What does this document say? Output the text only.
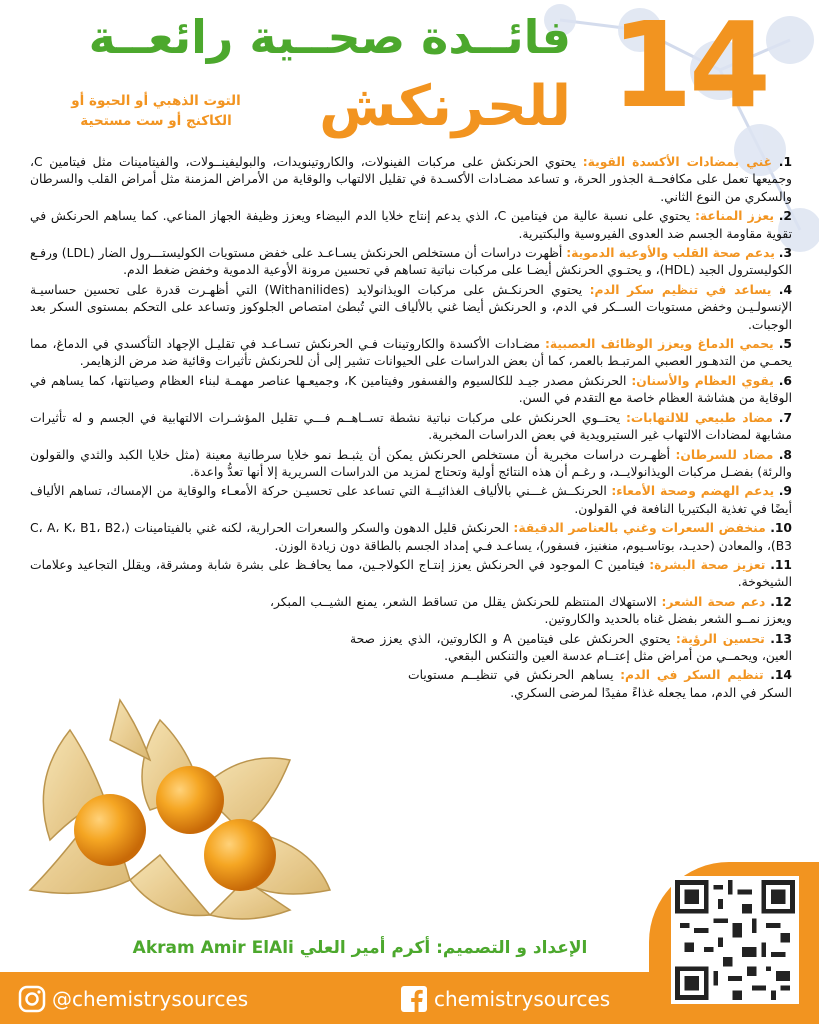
14
فائــدة صحــية رائعــة
للحرنكش
التوت الذهبي أو الحبوة أو الكاكنج أو ست مستحية

1. غني بمضادات الأكسدة القوية: يحتوي الحرنكش على مركبات الفينولات، والكاروتينويدات، والبوليفينــولات، والفيتامينات مثل فيتامين C، وجميعها تعمل على مكافحــة الجذور الحرة، و تساعد مضـادات الأكسـدة في تقليل الالتهاب والوقاية من الأمراض المزمنة مثل أمراض القلب والسرطان والسكري من النوع الثاني.

2. يعزز المناعة: يحتوي على نسبة عالية من فيتامين C، الذي يدعم إنتاج خلايا الدم البيضاء ويعزز وظيفة الجهاز المناعي. كما يساهم الحرنكش في تقوية مقاومة الجسم ضد العدوى الفيروسية والبكتيرية.

3. يدعم صحة القلب والأوعية الدموية: أظهرت دراسات أن مستخلص الحرنكش يسـاعـد على خفض مستويات الكوليستـــرول الضار (LDL) ورفـع الكوليسترول الجيد (HDL)، و يحتـوي الحرنكش أيضـا على مركبات نباتية تساهم في تحسين مرونة الأوعية الدموية وخفض ضغط الدم.

4. يساعد في تنظيم سكر الدم: يحتوي الحرنكـش على مركبات الويذانولايد (Withanilides) التي أظهـرت قدرة على تحسين حساسيـة الإنسولـيـن وخفض مستويات الســكر في الدم، و الحرنكش أيضا غني بالألياف التي تُبطئ امتصاص الجلوكوز وتساعد على التحكم بمستوى السكر بعد الوجبات.

5. يحمي الدماغ ويعزز الوظائف العصبية: مضـادات الأكسدة والكاروتينات فـي الحرنكش تسـاعـد في تقليـل الإجهاد التأكسدي في الدماغ، مما يحمـي من التدهـور العصبي المرتبـط بالعمر، كما أن بعض الدراسات على الحيوانات تشير إلى أن للحرنكش تأثيرات وقائية ضد مرض الزهايمر.

6. يقوي العظام والأسنان: الحرنكش مصدر جيـد للكالسيوم والفسفور وفيتامين K، وجميعـها عناصر مهمـة لبناء العظام وصيانتها، كما يساهم في الوقاية من هشاشة العظام خاصة مع التقدم في السن.

7. مضاد طبيعي للالتهابات: يحتــوي الحرنكش على مركبات نباتية نشطة تســاهــم فـــي تقليل المؤشـرات الالتهابية في الجسم و له تأثيرات مشابهة لمضادات الالتهاب غير الستيرويدية في بعض الدراسات المخبرية.

8. مضاد للسرطان: أظهـرت دراسات مخبرية أن مستخلص الحرنكش يمكن أن يثبـط نمو خلايا سرطانية معينة (مثل خلايا الكبد والثدي والقولون والرئة) بفضـل مركبات الويذانولايــد، و رغـم أن هذه النتائج أولية وتحتاج لمزيد من الدراسات السريرية إلا أنها تعدُّ واعدة.

9. يدعم الهضم وصحة الأمعاء: الحرنكــش غـــني بالألياف الغذائيــة التي تساعد على تحسيـن حركة الأمعـاء والوقاية من الإمساك، تساهم الألياف أيضًا في تغذية البكتيريا النافعة في القولون.

10. منخفض السعرات وغني بالعناصر الدقيقة: الحرنكش قليل الدهون والسكر والسعرات الحرارية، لكنه غني بالفيتامينات (C، A، K، B1، B2، B3)، والمعادن (حديـد، بوتاسـيوم، منغنيز، فسفور)، يساعـد فـي إمداد الجسم بالطاقة دون زيادة الوزن.

11. تعزيز صحة البشرة: فيتامين C الموجود في الحرنكش يعزز إنتـاج الكولاجـين، مما يحافـظ على بشرة شابة ومشرقة، ويقلل التجاعيد وعلامات الشيخوخة.

12. دعم صحة الشعر: الاستهلاك المنتظم للحرنكش يقلل من تساقط الشعر، يمنع الشيــب المبكر، ويعزز نمــو الشعر بفضل غناه بالحديد والكاروتين.

13. تحسين الرؤية: يحتوي الحرنكش على فيتامين A و الكاروتين، الذي يعزز صحة العين، ويحمــي من أمراض مثل إعتــام عدسة العين والتنكس البقعي.

14. تنظيم السكر في الدم: يساهم الحرنكش في تنظيــم مستويات السكر في الدم، مما يجعله غذاءً مفيدًا لمرضى السكري.

الإعداد و التصميم: أكرم أمير العلي Akram Amir ElAli
@chemistrysources	chemistrysources
